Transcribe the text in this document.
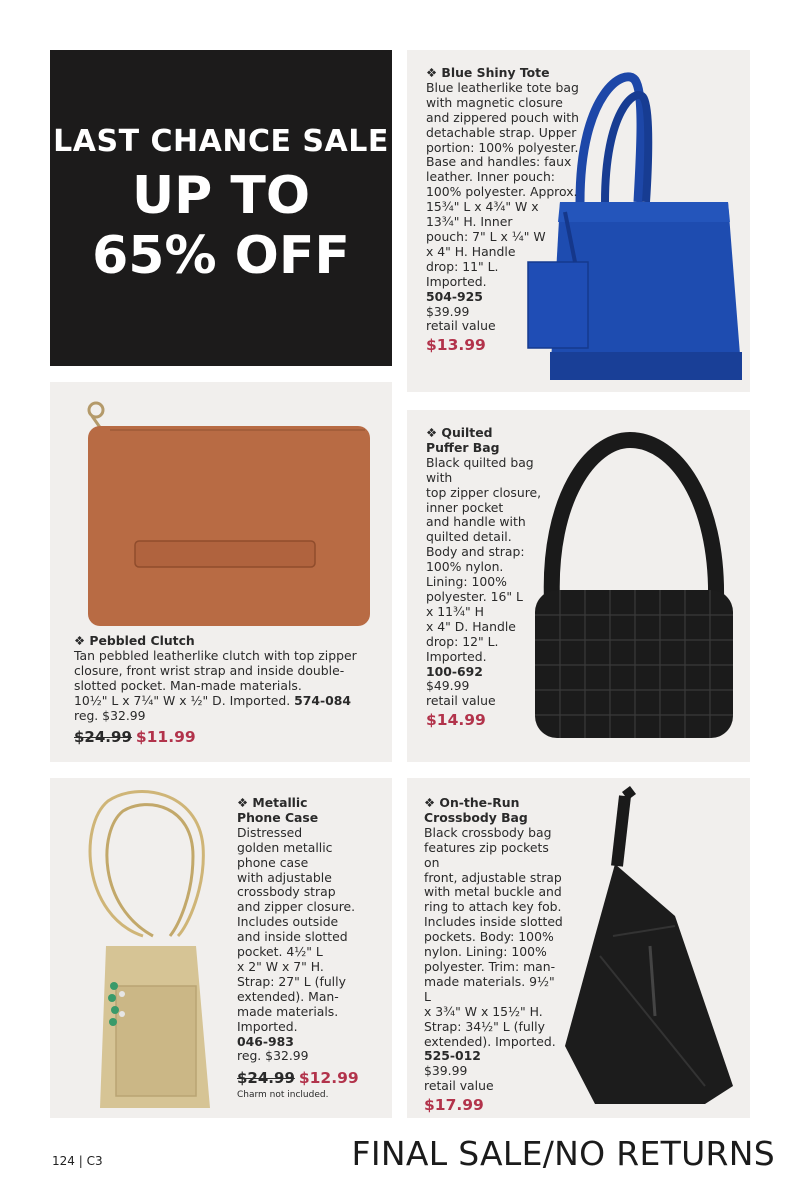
LAST CHANCE SALE
UP TO
65% OFF
❖ Blue Shiny Tote
Blue leatherlike tote bag
with magnetic closure
and zippered pouch with
detachable strap. Upper
portion: 100% polyester.
Base and handles: faux
leather. Inner pouch:
100% polyester. Approx.
15¾" L x 4¾" W x
13¾" H. Inner
pouch: 7" L x ¼" W
x 4" H. Handle
drop: 11" L.
Imported.
504-925
$39.99
retail value
$13.99
❖ Pebbled Clutch
Tan pebbled leatherlike clutch with top zipper
closure, front wrist strap and inside double-
slotted pocket. Man-made materials.
10½" L x 7¼" W x ½" D. Imported. 574-084
reg. $32.99
$24.99 $11.99
❖ Quilted
Puffer Bag
Black quilted bag with
top zipper closure,
inner pocket
and handle with
quilted detail.
Body and strap:
100% nylon.
Lining: 100%
polyester. 16" L
x 11¾" H
x 4" D. Handle
drop: 12" L.
Imported.
100-692
$49.99
retail value
$14.99
❖ Metallic
Phone Case
Distressed
golden metallic
phone case
with adjustable
crossbody strap
and zipper closure.
Includes outside
and inside slotted
pocket. 4½" L
x 2" W x 7" H.
Strap: 27" L (fully
extended). Man-
made materials.
Imported.
046-983
reg. $32.99
$24.99 $12.99
Charm not included.
❖ On-the-Run
Crossbody Bag
Black crossbody bag
features zip pockets on
front, adjustable strap
with metal buckle and
ring to attach key fob.
Includes inside slotted
pockets. Body: 100%
nylon. Lining: 100%
polyester. Trim: man-
made materials. 9½" L
x 3¾" W x 15½" H.
Strap: 34½" L (fully
extended). Imported.
525-012
$39.99
retail value
$17.99
124 | C3	FINAL SALE/NO RETURNS
